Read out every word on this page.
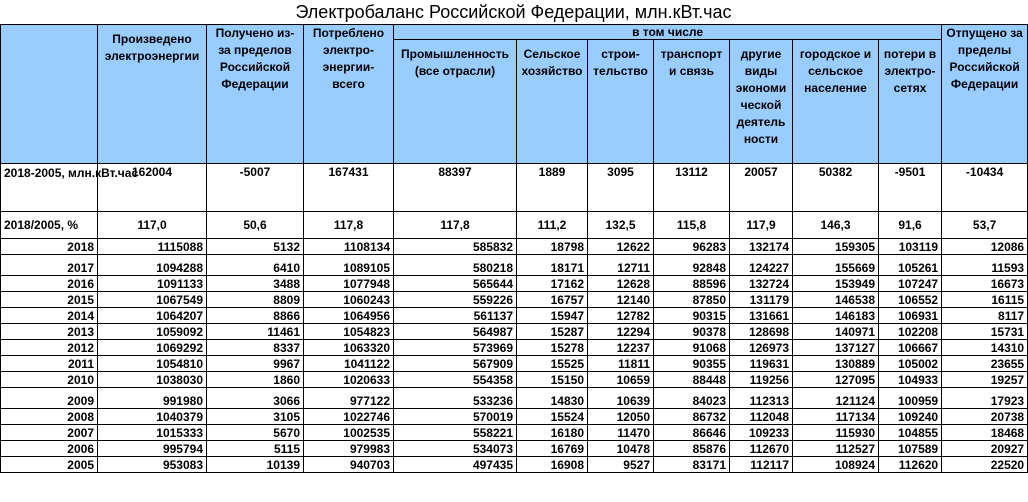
Электробаланс Российской Федерации, млн.кВт.час
	Произведено электроэнергии	Получено из-за пределов Российской Федерации	Потреблено электро-энергии-всего	в том числе							Отпущено за пределы Российской Федерации
				Промышленность (все отрасли)	Сельское хозяйство	строи-тельство	транспорт и связь	другие виды экономи ческой деятель ности	городское и сельское население	потери в электро-сетях	
2018-2005, млн.кВт.час	162004	-5007	167431	88397	1889	3095	13112	20057	50382	-9501	-10434
2018/2005, %	117,0	50,6	117,8	117,8	111,2	132,5	115,8	117,9	146,3	91,6	53,7
2018	1115088	5132	1108134	585832	18798	12622	96283	132174	159305	103119	12086
2017	1094288	6410	1089105	580218	18171	12711	92848	124227	155669	105261	11593
2016	1091133	3488	1077948	565644	17162	12628	88596	132724	153949	107247	16673
2015	1067549	8809	1060243	559226	16757	12140	87850	131179	146538	106552	16115
2014	1064207	8866	1064956	561137	15947	12782	90315	131661	146183	106931	8117
2013	1059092	11461	1054823	564987	15287	12294	90378	128698	140971	102208	15731
2012	1069292	8337	1063320	573969	15278	12237	91068	126973	137127	106667	14310
2011	1054810	9967	1041122	567909	15525	11811	90355	119631	130889	105002	23655
2010	1038030	1860	1020633	554358	15150	10659	88448	119256	127095	104933	19257
2009	991980	3066	977122	533236	14830	10639	84023	112313	121124	100959	17923
2008	1040379	3105	1022746	570019	15524	12050	86732	112048	117134	109240	20738
2007	1015333	5670	1002535	558221	16180	11470	86646	109233	115930	104855	18468
2006	995794	5115	979983	534073	16769	10478	85876	112670	112527	107589	20927
2005	953083	10139	940703	497435	16908	9527	83171	112117	108924	112620	22520
